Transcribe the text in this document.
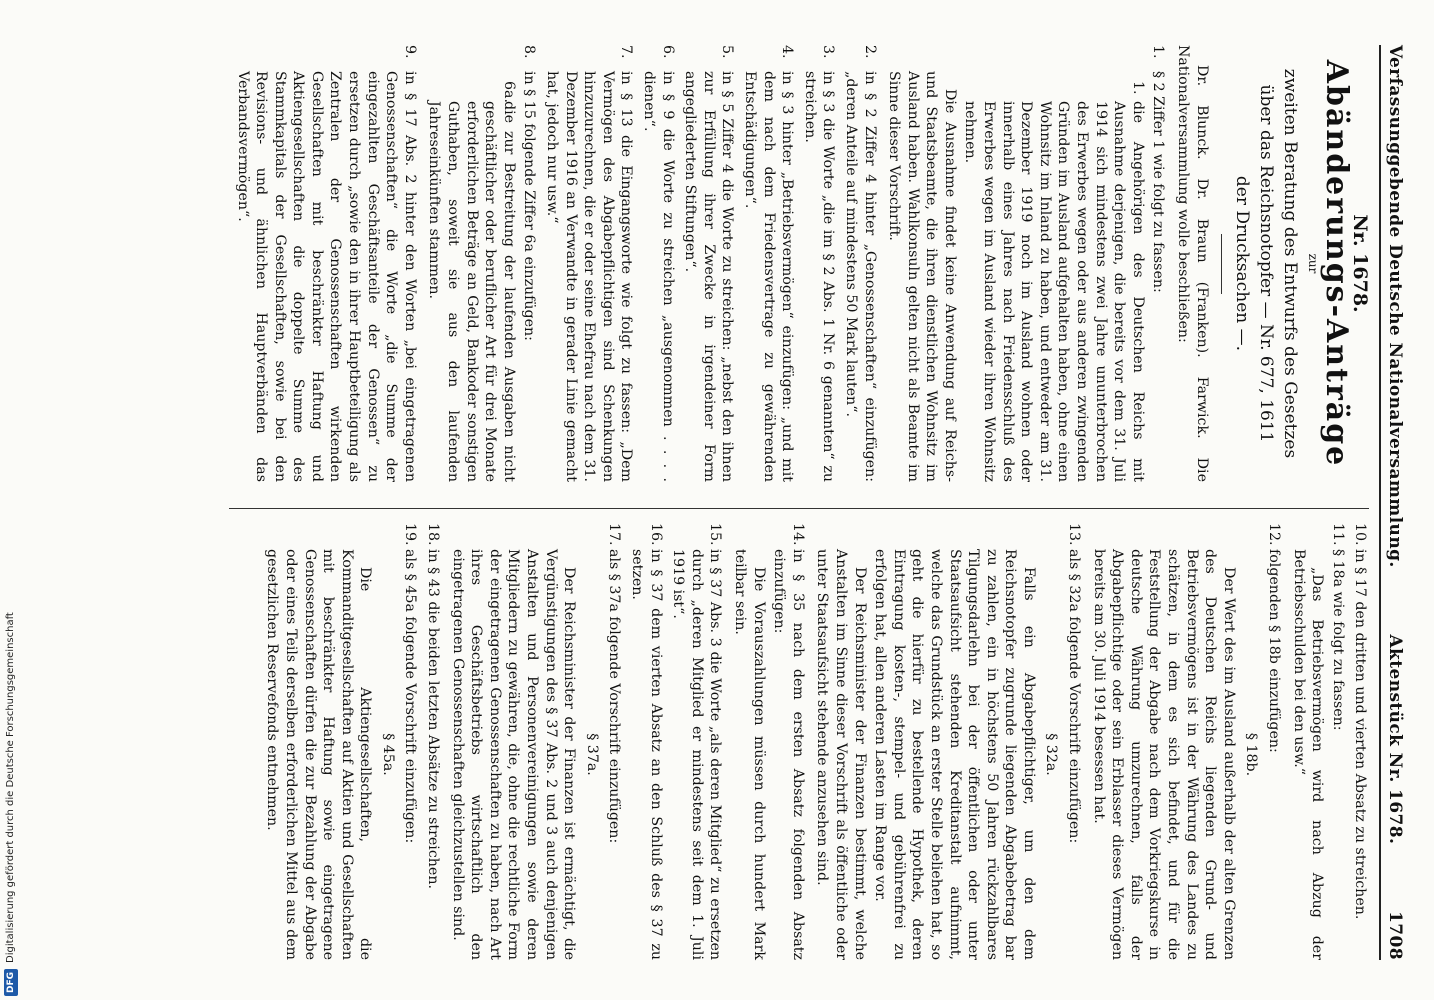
Verfassunggebende Deutsche Nationalversammlung.
Aktenstück Nr. 1678.
1708
Nr. 1678.
Abänderungs-Anträge
zur
zweiten Beratung des Entwurfs des Gesetzes
über das Reichsnotopfer — Nr. 677, 1611
der Drucksachen —.
Dr. Blunck. Dr. Braun (Franken). Farwick. Die Nationalversammlung wolle beschließen:
1.
§ 2 Ziffer 1 wie folgt zu fassen:
1.
die Angehörigen des Deutschen Reichs mit Ausnahme derjenigen, die bereits vor dem 31. Juli 1914 sich mindestens zwei Jahre ununterbrochen des Erwerbes wegen oder aus anderen zwingenden Gründen im Ausland aufgehalten haben, ohne einen Wohnsitz im Inland zu haben, und entweder am 31. Dezember 1919 noch im Ausland wohnen oder innerhalb eines Jahres nach Friedensschluß des Erwerbes wegen im Ausland wieder ihren Wohnsitz nehmen.
Die Ausnahme findet keine Anwendung auf Reichs- und Staatsbeamte, die ihren dienstlichen Wohnsitz im Ausland haben. Wahlkonsuln gelten nicht als Beamte im Sinne dieser Vorschrift.
2.
in § 2 Ziffer 4 hinter „Genossenschaften“ einzufügen: „deren Anteile auf mindestens 50 Mark lauten“.
3.
in § 3 die Worte „die im § 2 Abs. 1 Nr. 6 genannten“ zu streichen.
4.
in § 3 hinter „Betriebsvermögen“ einzufügen: „und mit dem nach dem Friedensvertrage zu gewährenden Entschädigungen“.
5.
in § 5 Ziffer 4 die Worte zu streichen: „nebst den ihnen zur Erfüllung ihrer Zwecke in irgendeiner Form angegliederten Stiftungen“.
6.
in § 9 die Worte zu streichen „ausgenommen . . . . dienen“.
7.
in § 13 die Eingangsworte wie folgt zu fassen: „Dem Vermögen des Abgabepflichtigen sind Schenkungen hinzuzurechnen, die er oder seine Ehefrau nach dem 31. Dezember 1916 an Verwandte in gerader Linie gemacht hat, jedoch nur usw.“
8.
in § 15 folgende Ziffer 6a einzufügen:
6a.
die zur Bestreitung der laufenden Ausgaben nicht geschäftlicher oder beruflicher Art für drei Monate erforderlichen Beträge an Geld, Bankoder sonstigen Guthaben, soweit sie aus den laufenden Jahreseinkünften stammen.
9.
in § 17 Abs. 2 hinter den Worten „bei eingetragenen Genossenschaften“ die Worte „die Summe der eingezahlten Geschäftsanteile der Genossen“ zu ersetzen durch „sowie den in ihrer Hauptbeteiligung als Zentralen der Genossenschaften wirkenden Gesellschaften mit beschränkter Haftung und Aktiengesellschaften die doppelte Summe des Stammkapitals der Gesellschaften, sowie bei den Revisions- und ähnlichen Hauptverbänden das Verbandsvermögen“.
10.
in § 17 den dritten und vierten Absatz zu streichen.
11.
§ 18a wie folgt zu fassen:
„Das Betriebsvermögen wird nach Abzug der Betriebsschulden bei den usw.“
12.
folgenden § 18b einzufügen:
§ 18b.
Der Wert des im Ausland außerhalb der alten Grenzen des Deutschen Reichs liegenden Grund- und Betriebsvermögens ist in der Währung des Landes zu schätzen, in dem es sich befindet, und für die Feststellung der Abgabe nach dem Vorkriegskurse in deutsche Währung umzurechnen, falls der Abgabepflichtige oder sein Erblasser dieses Vermögen bereits am 30. Juli 1914 besessen hat.
13.
als § 32a folgende Vorschrift einzufügen:
§ 32a.
Falls ein Abgabepflichtiger, um den dem Reichsnotopfer zugrunde liegenden Abgabebetrag bar zu zahlen, ein in höchstens 50 Jahren rückzahlbares Tilgungsdarlehn bei der öffentlichen oder unter Staatsaufsicht stehenden Kreditanstalt aufnimmt, welche das Grundstück an erster Stelle beliehen hat, so geht die hierfür zu bestellende Hypothek, deren Eintragung kosten-, stempel- und gebührenfrei zu erfolgen hat, allen anderen Lasten im Range vor.
Der Reichsminister der Finanzen bestimmt, welche Anstalten im Sinne dieser Vorschrift als öffentliche oder unter Staatsaufsicht stehende anzusehen sind.
14.
in § 35 nach dem ersten Absatz folgenden Absatz einzufügen:
Die Vorauszahlungen müssen durch hundert Mark teilbar sein.
15.
in § 37 Abs. 3 die Worte „als deren Mitglied“ zu ersetzen durch „deren Mitglied er mindestens seit dem 1. Juli 1919 ist“.
16.
in § 37 dem vierten Absatz an den Schluß des § 37 zu setzen.
17.
als § 37a folgende Vorschrift einzufügen:
§ 37a.
Der Reichsminister der Finanzen ist ermächtigt, die Vergünstigungen des § 37 Abs. 2 und 3 auch denjenigen Anstalten und Personenvereinigungen sowie deren Mitgliedern zu gewähren, die, ohne die rechtliche Form der eingetragenen Genossenschaften zu haben, nach Art ihres Geschäftsbetriebs wirtschaftlich den eingetragenen Genossenschaften gleichzustellen sind.
18.
in § 43 die beiden letzten Absätze zu streichen.
19.
als § 45a folgende Vorschrift einzufügen:
§ 45a.
Die Aktiengesellschaften, die Kommanditgesellschaften auf Aktien und Gesellschaften mit beschränkter Haftung sowie eingetragene Genossenschaften dürfen die zur Bezahlung der Abgabe oder eines Teils derselben erforderlichen Mittel aus dem gesetzlichen Reservefonds entnehmen.
DFG
Digitalisierung gefördert durch die Deutsche Forschungsgemeinschaft
